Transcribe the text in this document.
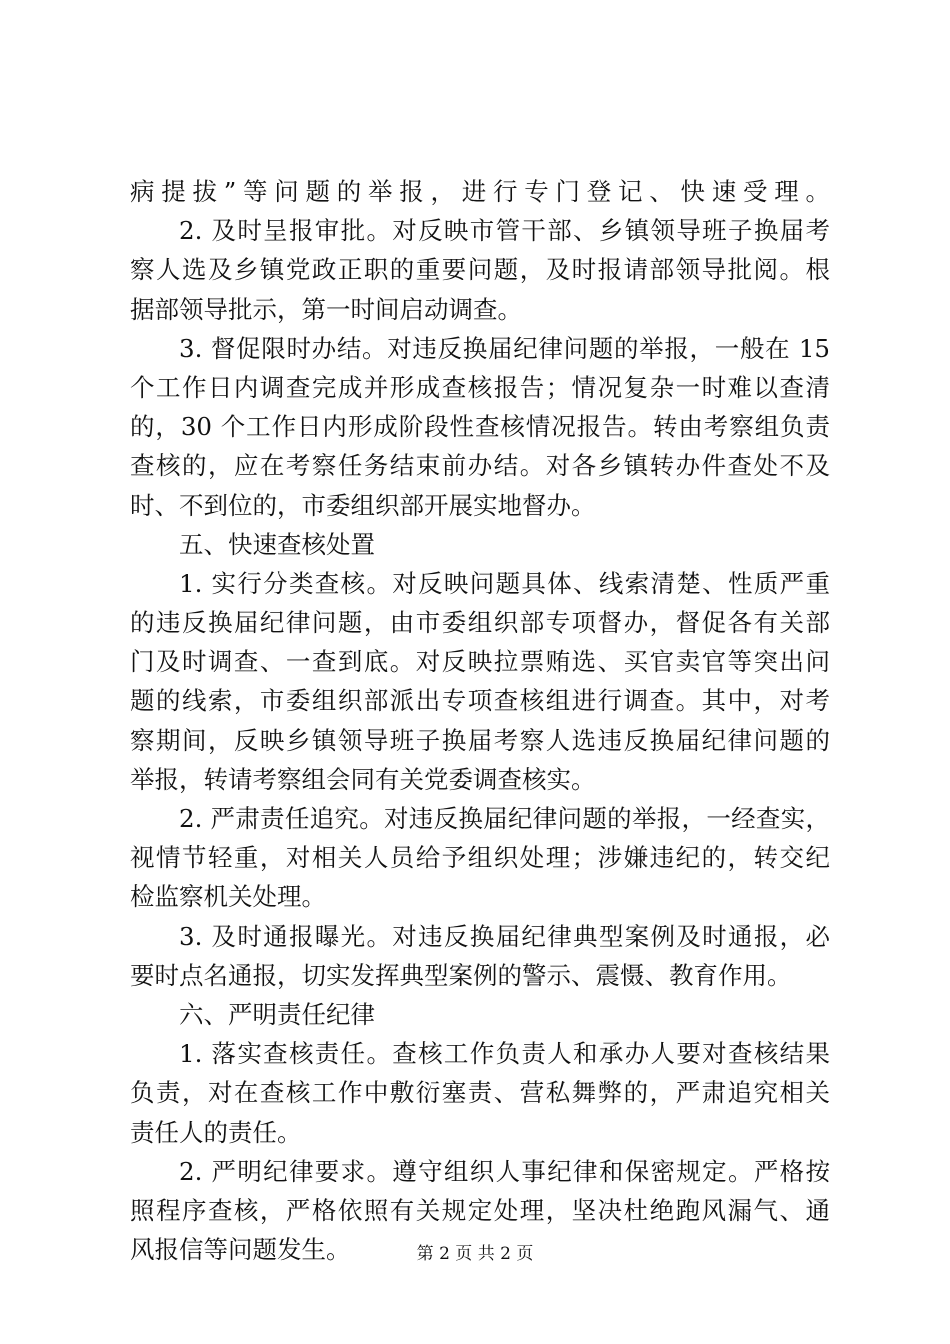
病提拔”等问题的举报，进行专门登记、快速受理。
2. 及时呈报审批。对反映市管干部、乡镇领导班子换届考
察人选及乡镇党政正职的重要问题，及时报请部领导批阅。根
据部领导批示，第一时间启动调查。
3. 督促限时办结。对违反换届纪律问题的举报，一般在 15
个工作日内调查完成并形成查核报告；情况复杂一时难以查清
的，30 个工作日内形成阶段性查核情况报告。转由考察组负责
查核的，应在考察任务结束前办结。对各乡镇转办件查处不及
时、不到位的，市委组织部开展实地督办。
五、快速查核处置
1. 实行分类查核。对反映问题具体、线索清楚、性质严重
的违反换届纪律问题，由市委组织部专项督办，督促各有关部
门及时调查、一查到底。对反映拉票贿选、买官卖官等突出问
题的线索，市委组织部派出专项查核组进行调查。其中，对考
察期间，反映乡镇领导班子换届考察人选违反换届纪律问题的
举报，转请考察组会同有关党委调查核实。
2. 严肃责任追究。对违反换届纪律问题的举报，一经查实，
视情节轻重，对相关人员给予组织处理；涉嫌违纪的，转交纪
检监察机关处理。
3. 及时通报曝光。对违反换届纪律典型案例及时通报，必
要时点名通报，切实发挥典型案例的警示、震慑、教育作用。
六、严明责任纪律
1. 落实查核责任。查核工作负责人和承办人要对查核结果
负责，对在查核工作中敷衍塞责、营私舞弊的，严肃追究相关
责任人的责任。
2. 严明纪律要求。遵守组织人事纪律和保密规定。严格按
照程序查核，严格依照有关规定处理，坚决杜绝跑风漏气、通
风报信等问题发生。	第 2 页 共 2 页
